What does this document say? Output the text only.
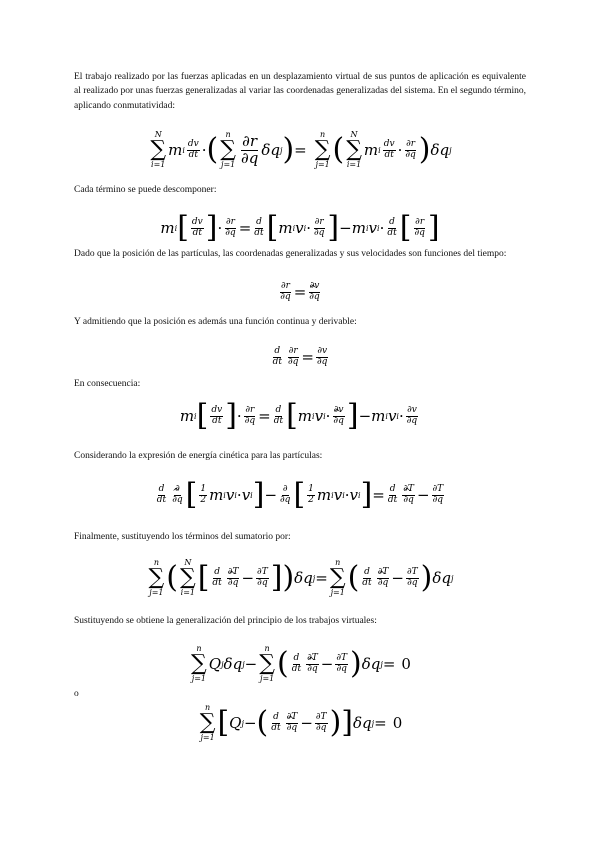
El trabajo realizado por las fuerzas aplicadas en un desplazamiento virtual de sus puntos de aplicación es equivalente al realizado por unas fuerzas generalizadas al variar las coordenadas generalizadas del sistema. En el segundo término, aplicando conmutatividad:
N
∑
i=1
m i
dv
dt · ( n
∑
j=1
∂r
∂q δq j ) =
n
∑
j=1 ( N
∑
i=1
m i
dv
dt · ∂r
∂q ) δq j
Cada término se puede descomponer:
m i [ dv
dt ] · $\frac{\partial r}{\partial q} = \frac{d}{dt}$ [ m i v i · ∂r
∂q ] − m i v i · d
dt [ ∂r
∂q ]
Dado que la posición de las partículas, las coordenadas generalizadas y sus velocidades son funciones del tiempo:
$\frac{\partial r}{\partial q} = \partial v$
^ ∂q
Y admitiendo que la posición es además una función continua y derivable:
d
dt $\frac{\partial r}{\partial q} = \frac{\partial v}{\partial q}$
En consecuencia:
m i [ dv
dt ] · $\frac{\partial r}{\partial q} = \frac{d}{dt}$ [ m i v i · ∂v
^ ∂q ] − m i v i · ∂v
∂q
Considerando la expresión de energía cinética para las partículas:
d
dt
∂
^ ∂q [ 1
2 m i v i · v i ] − ∂
∂q [ 1
2 m i v i · v i ] = $\frac{d}{dt} \partial T$
^ $\partial q - \frac{\partial T}{\partial q}$
Finalmente, sustituyendo los términos del sumatorio por:
n
∑
j=1 ( N
∑
i=1 [ d
dt
∂T
^ $\partial q - \frac{\partial T}{\partial q}$ ] ) δq j =
n
∑
j=1 ( d
dt
∂T
^ $\partial q - \frac{\partial T}{\partial q}$ ) δq j
Sustituyendo se obtiene la generalización del principio de los trabajos virtuales:
n
∑
j=1
Q j δq j −
n
∑
j=1 ( d
dt
∂T
^ $\partial q - \frac{\partial T}{\partial q}$ ) δq j = 0
o
n
∑
j=1 [ Q j − ( d
dt
∂T
^ $\partial q - \frac{\partial T}{\partial q}$ ) ] δq j = 0
